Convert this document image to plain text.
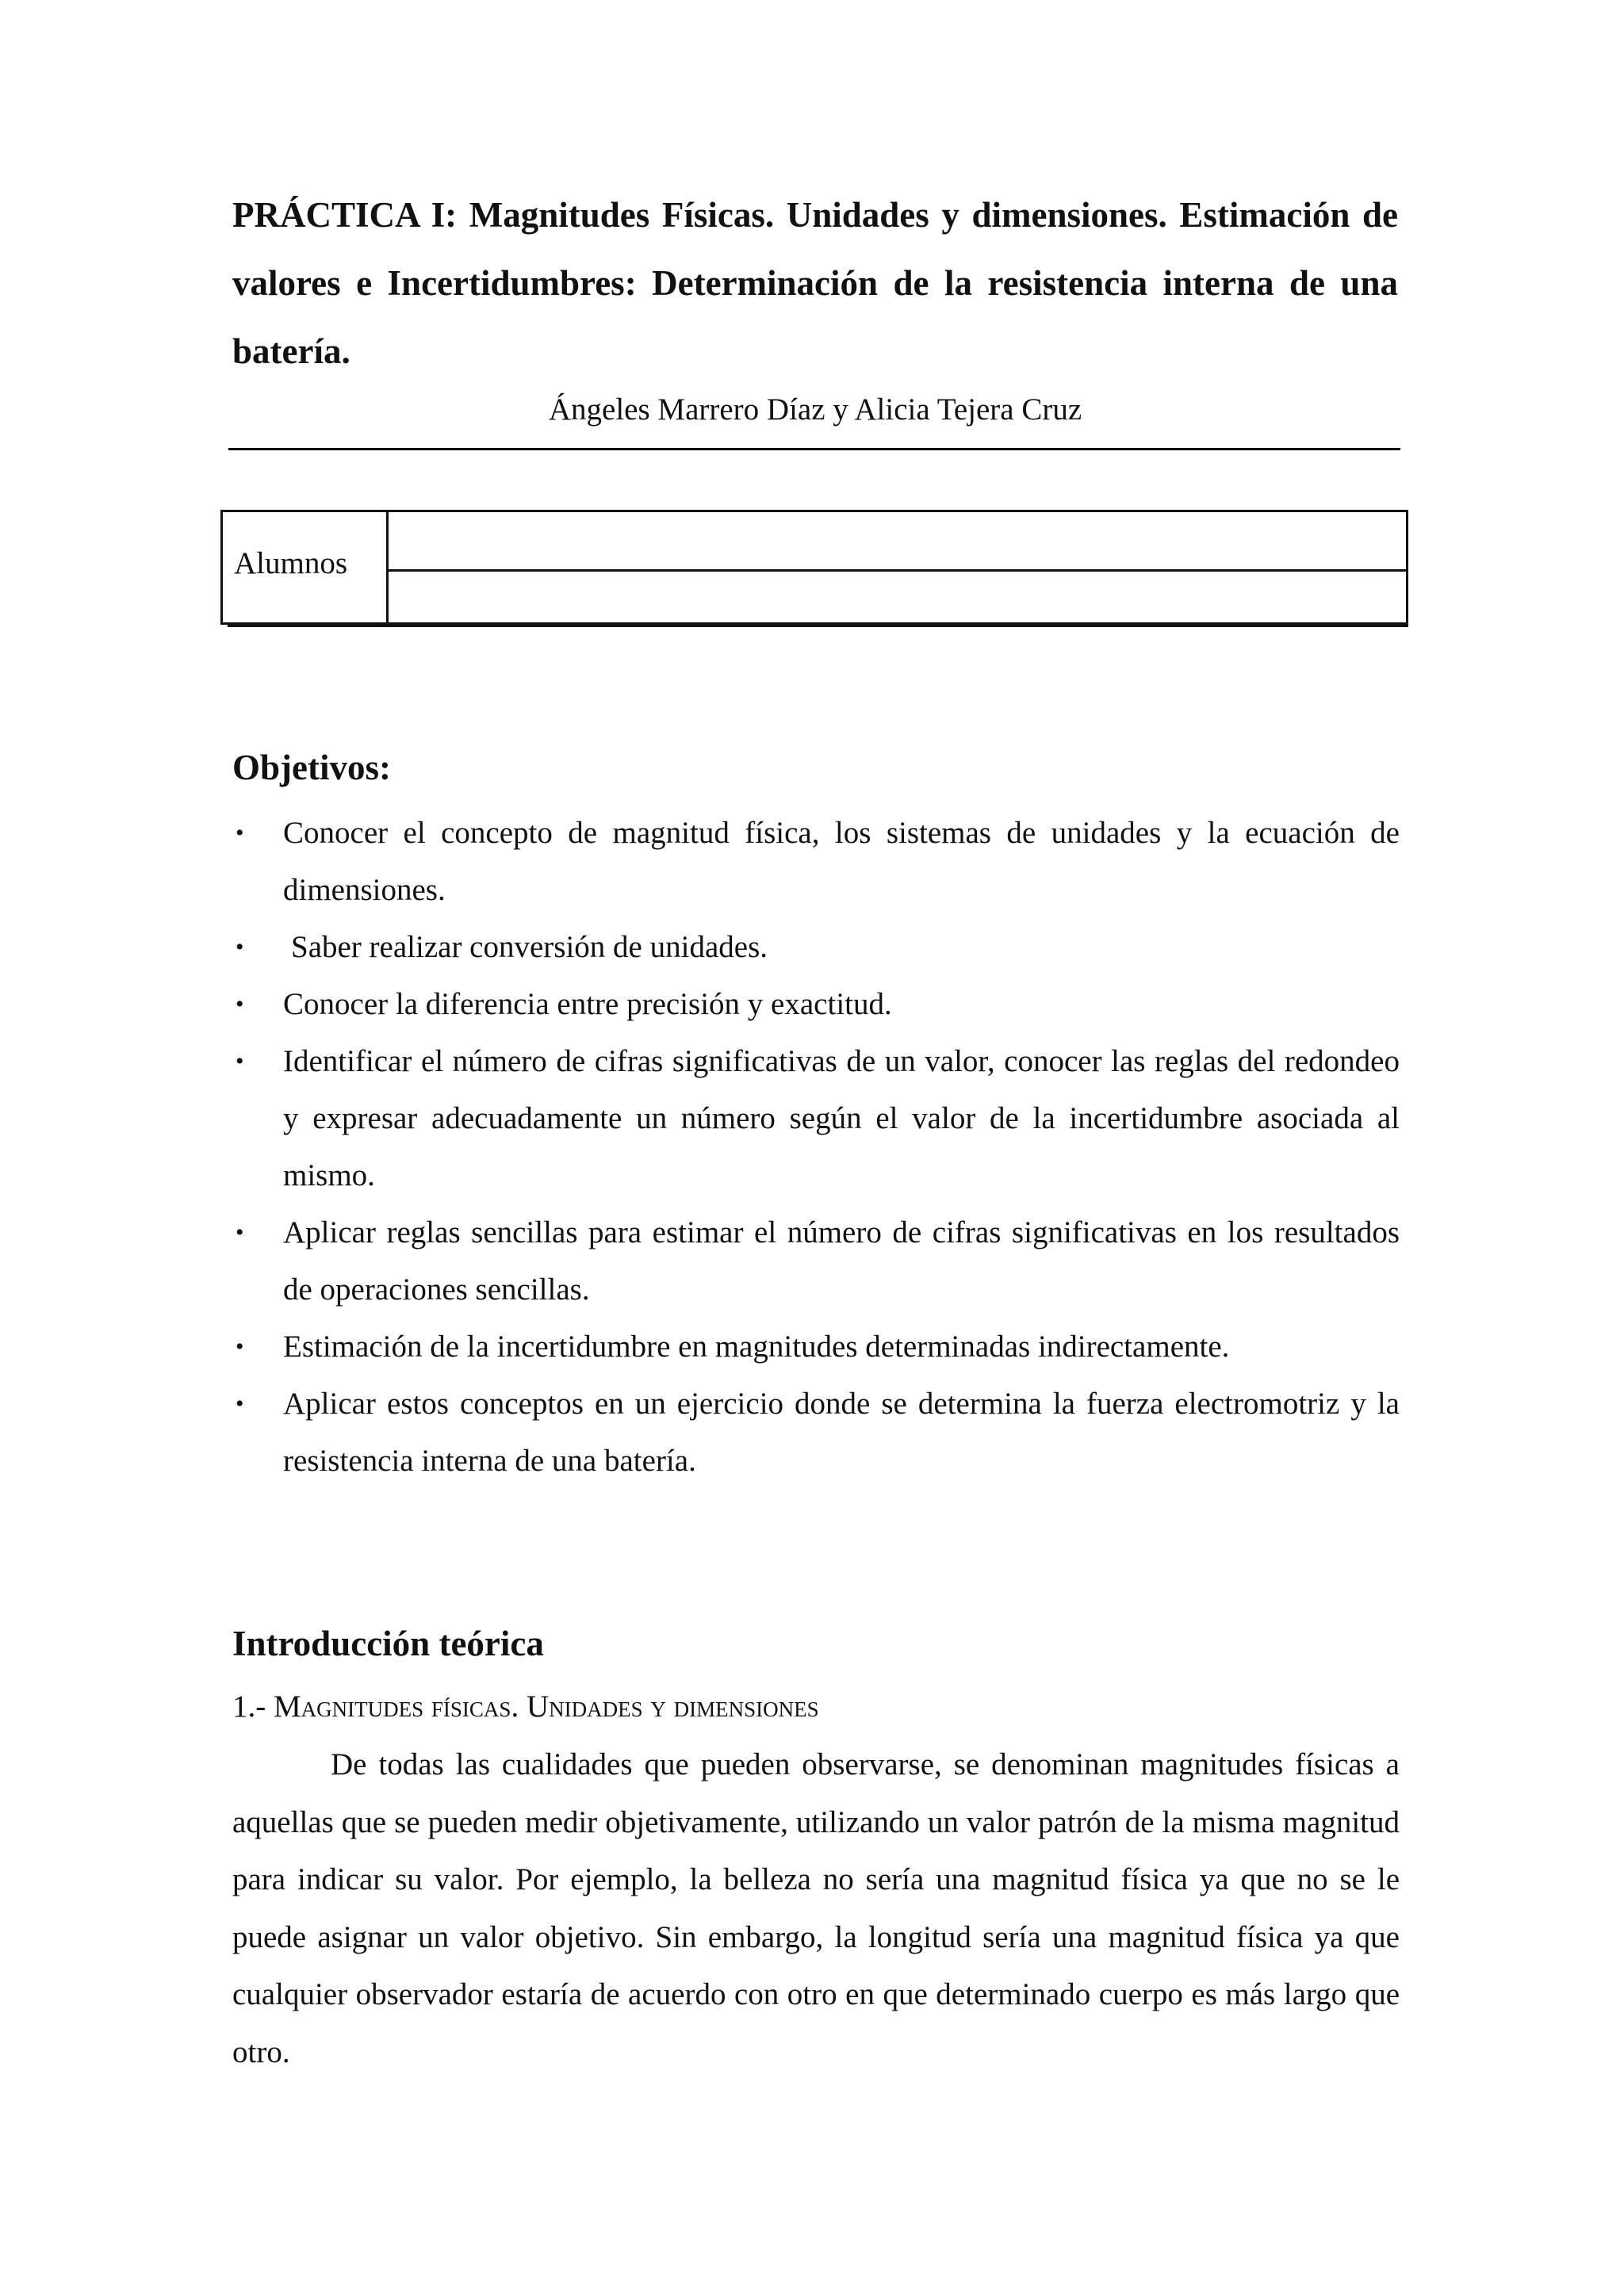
PRÁCTICA I: Magnitudes Físicas. Unidades y dimensiones. Estimación de valores e Incertidumbres: Determinación de la resistencia interna de una batería.
Ángeles Marrero Díaz y Alicia Tejera Cruz
Alumnos
Objetivos:
• Conocer el concepto de magnitud física, los sistemas de unidades y la ecuación de dimensiones.
• Saber realizar conversión de unidades.
• Conocer la diferencia entre precisión y exactitud.
• Identificar el número de cifras significativas de un valor, conocer las reglas del redondeo y expresar adecuadamente un número según el valor de la incertidumbre asociada al mismo.
• Aplicar reglas sencillas para estimar el número de cifras significativas en los resultados de operaciones sencillas.
• Estimación de la incertidumbre en magnitudes determinadas indirectamente.
• Aplicar estos conceptos en un ejercicio donde se determina la fuerza electromotriz y la resistencia interna de una batería.
Introducción teórica
1.- Magnitudes físicas. Unidades y dimensiones

De todas las cualidades que pueden observarse, se denominan magnitudes físicas a aquellas que se pueden medir objetivamente, utilizando un valor patrón de la misma magnitud para indicar su valor. Por ejemplo, la belleza no sería una magnitud física ya que no se le puede asignar un valor objetivo. Sin embargo, la longitud sería una magnitud física ya que cualquier observador estaría de acuerdo con otro en que determinado cuerpo es más largo que otro.
